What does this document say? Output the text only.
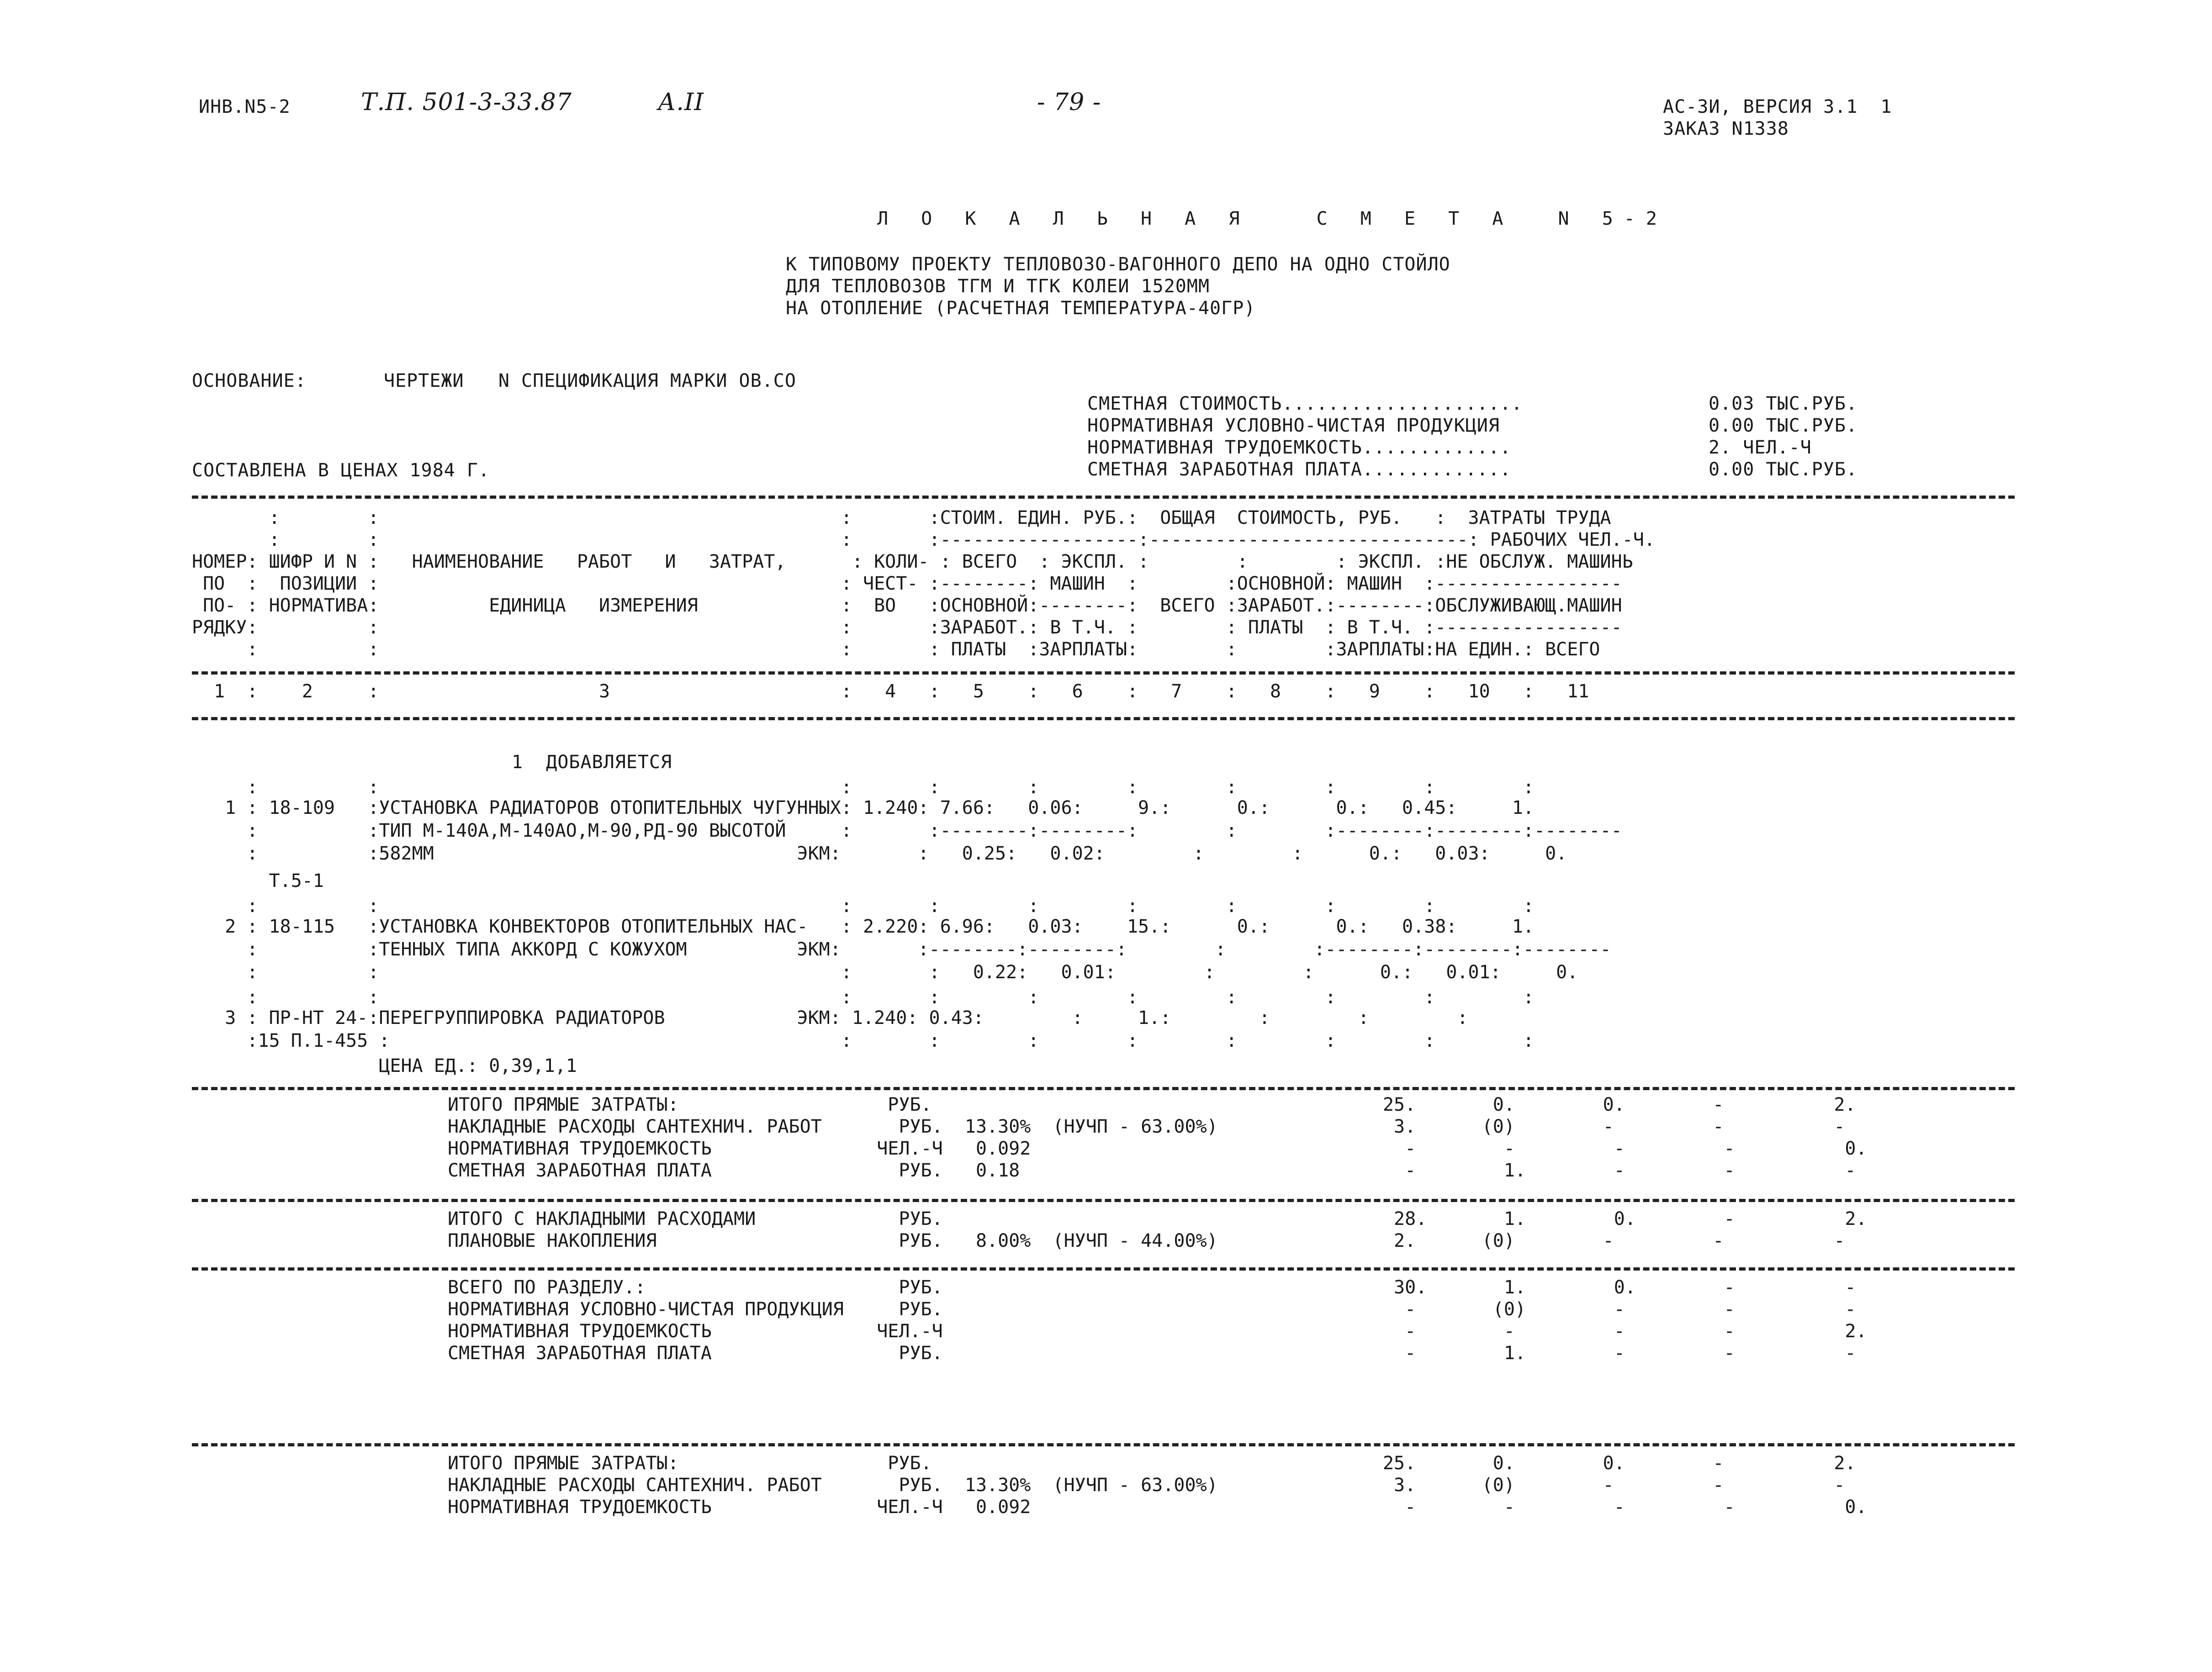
ИНВ.N5-2	Т.П. 501-3-33.87	А.II	- 79 -	АС-3И, ВЕРСИЯ 3.1  1
ЗАКАЗ N1338
Л О К А Л Ь Н А Я   С М Е Т А  N 5-2
К ТИПОВОМУ ПРОЕКТУ ТЕПЛОВОЗО-ВАГОННОГО ДЕПО НА ОДНО СТОЙЛО
ДЛЯ ТЕПЛОВОЗОВ ТГМ И ТГК КОЛЕИ 1520ММ
НА ОТОПЛЕНИЕ (РАСЧЕТНАЯ ТЕМПЕРАТУРА-40ГР)
ОСНОВАНИЕ:	ЧЕРТЕЖИ   N СПЕЦИФИКАЦИЯ МАРКИ ОВ.СО
СОСТАВЛЕНА В ЦЕНАХ 1984 Г.
СМЕТНАЯ СТОИМОСТЬ.....................	0.03 ТЫС.РУБ.
НОРМАТИВНАЯ УСЛОВНО-ЧИСТАЯ ПРОДУКЦИЯ	0.00 ТЫС.РУБ.
НОРМАТИВНАЯ ТРУДОЕМКОСТЬ.............	2. ЧЕЛ.-Ч
СМЕТНАЯ ЗАРАБОТНАЯ ПЛАТА.............	0.00 ТЫС.РУБ.
:        :                                          :       :СТОИМ. ЕДИН. РУБ.:  ОБЩАЯ  СТОИМОСТЬ, РУБ.   :  ЗАТРАТЫ ТРУДА
:        :                                          :       :------------------:-----------------------------: РАБОЧИХ ЧЕЛ.-Ч.
НОМЕР: ШИФР И N :   НАИМЕНОВАНИЕ   РАБОТ   И   ЗАТРАТ,      : КОЛИ- : ВСЕГО  : ЭКСПЛ. :        :        : ЭКСПЛ. :НЕ ОБСЛУЖ. МАШИНЬ
ПО  :  ПОЗИЦИИ :                                          : ЧЕСТ- :--------: МАШИН  :        :ОСНОВНОЙ: МАШИН  :-----------------
ПО- : НОРМАТИВА:          ЕДИНИЦА   ИЗМЕРЕНИЯ             :  ВО   :ОСНОВНОЙ:--------:  ВСЕГО :ЗАРАБОТ.:--------:ОБСЛУЖИВАЮЩ.МАШИН
РЯДКУ:          :                                          :       :ЗАРАБОТ.: В Т.Ч. :        : ПЛАТЫ  : В Т.Ч. :-----------------
:          :                                          :       : ПЛАТЫ  :ЗАРПЛАТЫ:        :        :ЗАРПЛАТЫ:НА ЕДИН.: ВСЕГО
1  :    2     :                    3                     :   4   :   5    :   6    :   7    :   8    :   9    :   10   :   11
1  ДОБАВЛЯЕТСЯ
:          :                                          :       :        :        :        :        :        :        :
1 : 18-109   :УСТАНОВКА РАДИАТОРОВ ОТОПИТЕЛЬНЫХ ЧУГУННЫХ: 1.240: 7.66:   0.06:     9.:      0.:      0.:   0.45:     1.
:          :ТИП М-140А,М-140АО,М-90,РД-90 ВЫСОТОЙ     :       :--------:--------:        :        :--------:--------:--------
:          :582ММ                                 ЭКМ:       :   0.25:   0.02:        :        :      0.:   0.03:     0.
Т.5-1
:          :                                          :       :        :        :        :        :        :        :
2 : 18-115   :УСТАНОВКА КОНВЕКТОРОВ ОТОПИТЕЛЬНЫХ НАС-   : 2.220: 6.96:   0.03:    15.:      0.:      0.:   0.38:     1.
:          :ТЕННЫХ ТИПА АККОРД С КОЖУХОМ          ЭКМ:       :--------:--------:        :        :--------:--------:--------
:          :                                          :       :   0.22:   0.01:        :        :      0.:   0.01:     0.
:          :                                          :       :        :        :        :        :        :        :
3 : ПР-НТ 24-:ПЕРЕГРУППИРОВКА РАДИАТОРОВ            ЭКМ: 1.240: 0.43:        :     1.:        :        :        :
:15 П.1-455 :                                         :       :        :        :        :        :        :        :
ЦЕНА ЕД.: 0,39,1,1
ИТОГО ПРЯМЫЕ ЗАТРАТЫ:                   РУБ.                                         25.       0.        0.        -          2.
НАКЛАДНЫЕ РАСХОДЫ САНТЕХНИЧ. РАБОТ       РУБ.  13.30%  (НУЧП - 63.00%)                3.      (0)        -         -          -
НОРМАТИВНАЯ ТРУДОЕМКОСТЬ               ЧЕЛ.-Ч   0.092                                  -        -         -         -          0.
СМЕТНАЯ ЗАРАБОТНАЯ ПЛАТА                 РУБ.   0.18                                   -        1.        -         -          -
ИТОГО С НАКЛАДНЫМИ РАСХОДАМИ             РУБ.                                         28.       1.        0.        -          2.
ПЛАНОВЫЕ НАКОПЛЕНИЯ                      РУБ.   8.00%  (НУЧП - 44.00%)                2.      (0)        -         -          -
ВСЕГО ПО РАЗДЕЛУ.:                       РУБ.                                         30.       1.        0.        -          -
НОРМАТИВНАЯ УСЛОВНО-ЧИСТАЯ ПРОДУКЦИЯ     РУБ.                                          -       (0)        -         -          -
НОРМАТИВНАЯ ТРУДОЕМКОСТЬ               ЧЕЛ.-Ч                                          -        -         -         -          2.
СМЕТНАЯ ЗАРАБОТНАЯ ПЛАТА                 РУБ.                                          -        1.        -         -          -
ИТОГО ПРЯМЫЕ ЗАТРАТЫ:                   РУБ.                                         25.       0.        0.        -          2.
НАКЛАДНЫЕ РАСХОДЫ САНТЕХНИЧ. РАБОТ       РУБ.  13.30%  (НУЧП - 63.00%)                3.      (0)        -         -          -
НОРМАТИВНАЯ ТРУДОЕМКОСТЬ               ЧЕЛ.-Ч   0.092                                  -        -         -         -          0.
